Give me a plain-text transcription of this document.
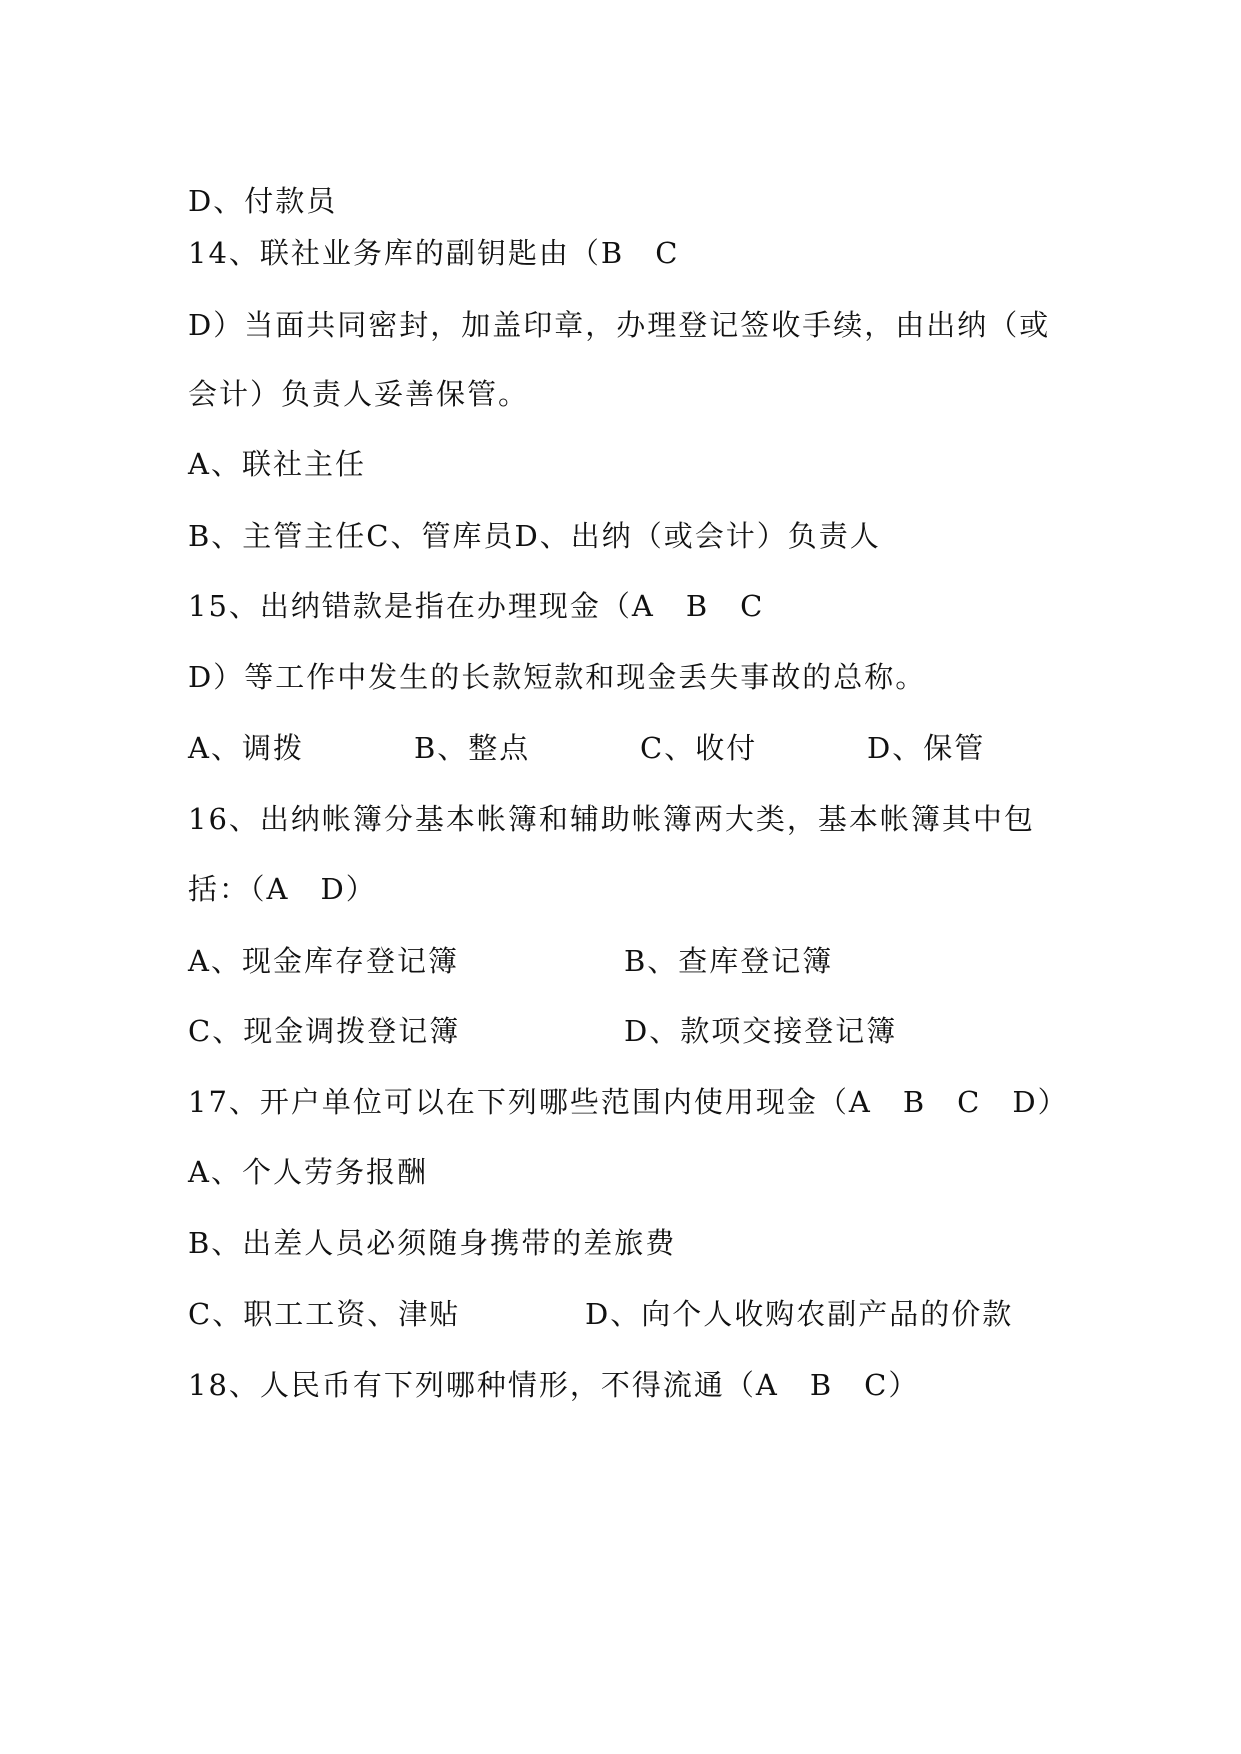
D、付款员
14、联社业务库的副钥匙由（B　C
D）当面共同密封，加盖印章，办理登记签收手续，由出纳（或
会计）负责人妥善保管。
A、联社主任
B、主管主任C、管库员D、出纳（或会计）负责人
15、出纳错款是指在办理现金（A　B　C
D）等工作中发生的长款短款和现金丢失事故的总称。
A、调拨	B、整点	C、收付	D、保管
16、出纳帐簿分基本帐簿和辅助帐簿两大类，基本帐簿其中包
括：（A　D）
A、现金库存登记簿	B、查库登记簿
C、现金调拨登记簿	D、款项交接登记簿
17、开户单位可以在下列哪些范围内使用现金（A　B　C　D）
A、个人劳务报酬
B、出差人员必须随身携带的差旅费
C、职工工资、津贴	D、向个人收购农副产品的价款
18、人民币有下列哪种情形，不得流通（A　B　C）
